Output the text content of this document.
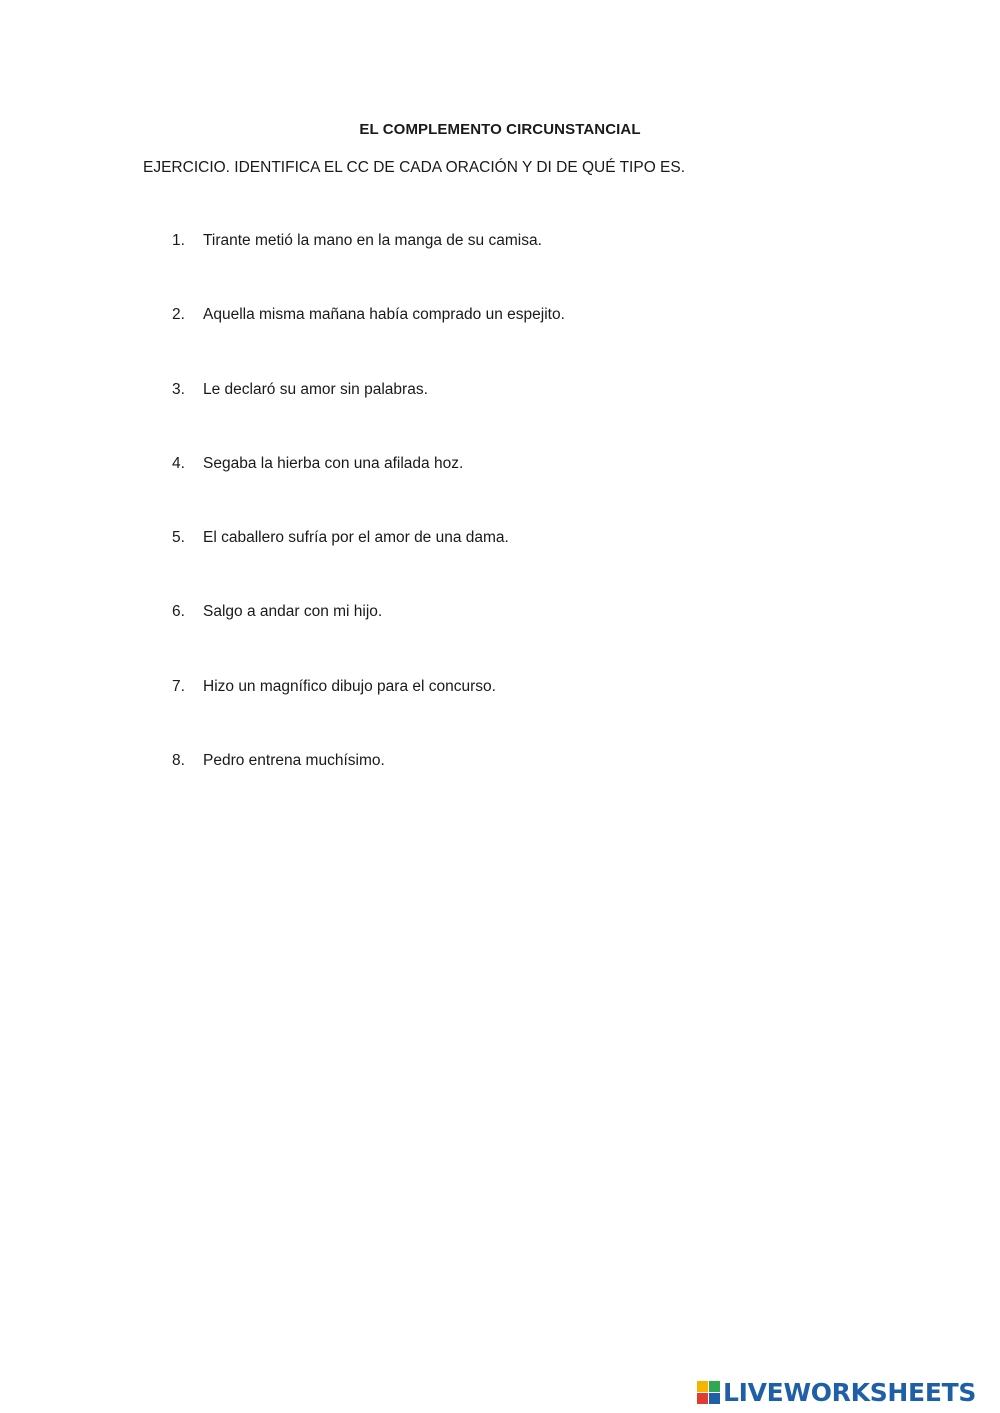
EL COMPLEMENTO CIRCUNSTANCIAL
EJERCICIO. IDENTIFICA EL CC DE CADA ORACIÓN Y DI DE QUÉ TIPO ES.
1.	Tirante metió la mano en la manga de su camisa.
2.	Aquella misma mañana había comprado un espejito.
3.	Le declaró su amor sin palabras.
4.	Segaba la hierba con una afilada hoz.
5.	El caballero sufría por el amor de una dama.
6.	Salgo a andar con mi hijo.
7.	Hizo un magnífico dibujo para el concurso.
8.	Pedro entrena muchísimo.
LIVEWORKSHEETS
